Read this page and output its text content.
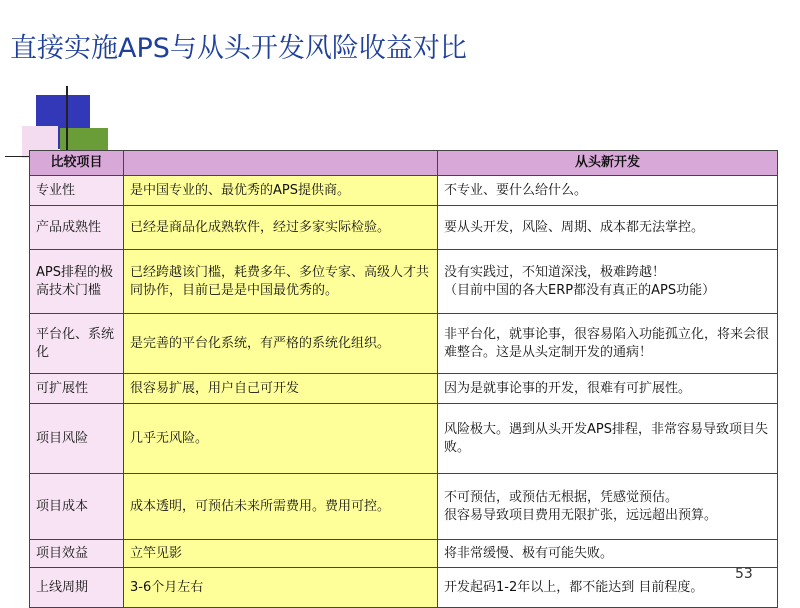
直接实施APS与从头开发风险收益对比
比较项目		从头新开发
专业性	是中国专业的、最优秀的APS提供商。	不专业、要什么给什么。

产品成熟性	已经是商品化成熟软件，经过多家实际检验。	要从头开发，风险、周期、成本都无法掌控。

APS排程的极高技术门槛	已经跨越该门槛，耗费多年、多位专家、高级人才共同协作，目前已是是中国最优秀的。	没有实践过，不知道深浅，极难跨越！
（目前中国的各大ERP都没有真正的APS功能）

平台化、系统化	是完善的平台化系统，有严格的系统化组织。	非平台化，就事论事，很容易陷入功能孤立化，将来会很难整合。这是从头定制开发的通病！

可扩展性	很容易扩展，用户自己可开发	因为是就事论事的开发，很难有可扩展性。

项目风险	几乎无风险。	风险极大。遇到从头开发APS排程，非常容易导致项目失败。

项目成本	成本透明，可预估未来所需费用。费用可控。	不可预估，或预估无根据，凭感觉预估。
很容易导致项目费用无限扩张，远远超出预算。

项目效益	立竿见影	将非常缓慢、极有可能失败。

上线周期	3-6个月左右	开发起码1-2年以上，都不能达到 目前程度。
53
